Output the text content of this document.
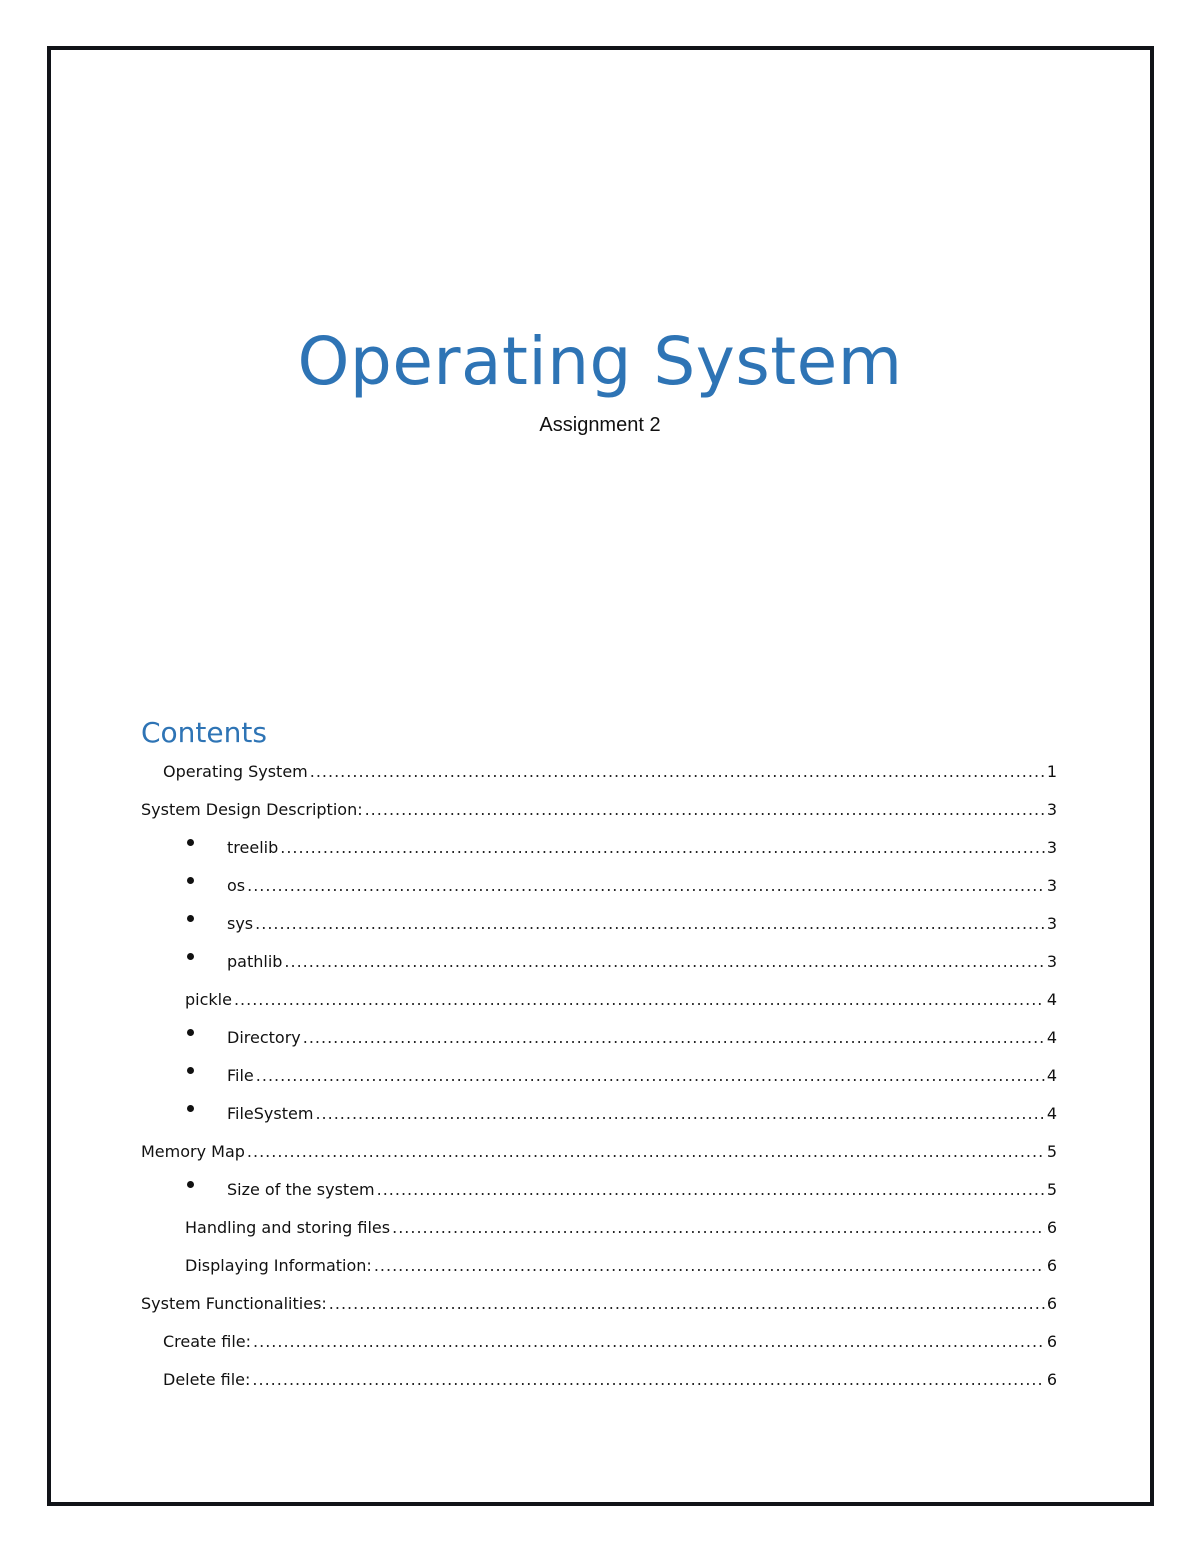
Operating System
Assignment 2
Contents
Operating System .....	1
System Design Description: .....	3
treelib .....	3
os .....	3
sys .....	3
pathlib .....	3
pickle .....	4
Directory .....	4
File .....	4
FileSystem .....	4
Memory Map .....	5
Size of the system .....	5
Handling and storing files .....	6
Displaying Information: .....	6
System Functionalities: .....	6
Create file: .....	6
Delete file: .....	6
